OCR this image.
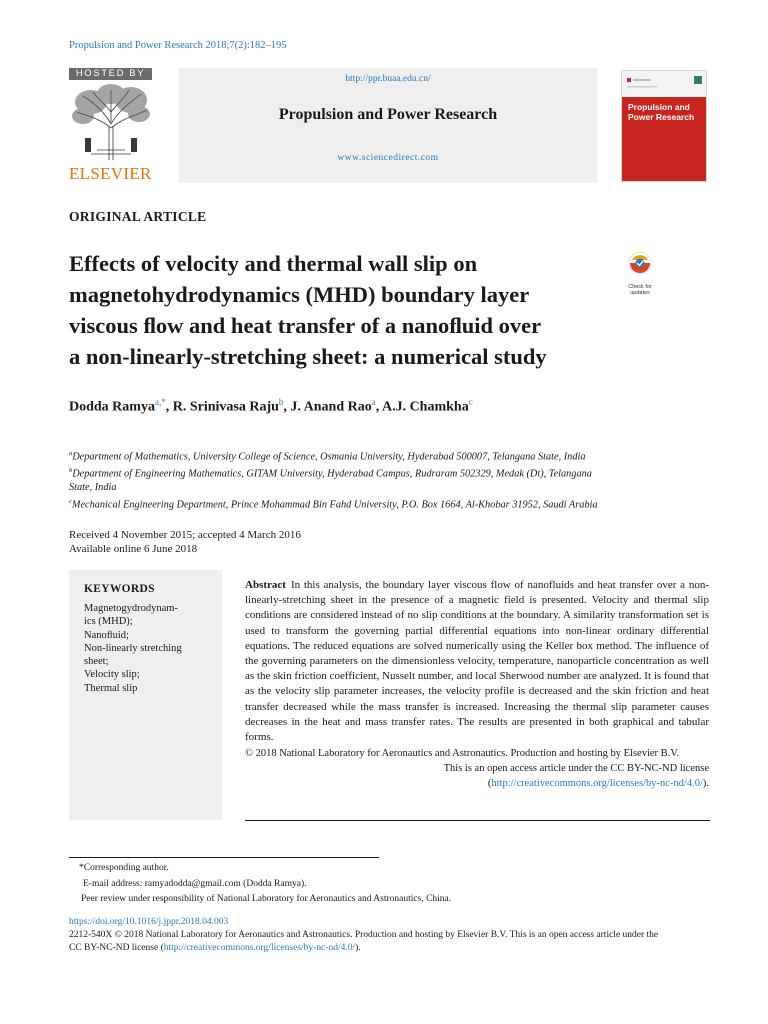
Propulsion and Power Research 2018;7(2):182–195
HOSTED BY
ELSEVIER
http://ppr.buaa.edu.cn/
Propulsion and Power Research
www.sciencedirect.com
Propulsion and Power Research
ORIGINAL ARTICLE
Effects of velocity and thermal wall slip on
magnetohydrodynamics (MHD) boundary layer
viscous ﬂow and heat transfer of a nanoﬂuid over
a non-linearly-stretching sheet: a numerical study
Check for
updates
Dodda Ramya$^{a,*}$, R. Srinivasa Raju$^b$, J. Anand Rao$^a$, A.J. Chamkha$^c$

$^a$Department of Mathematics, University College of Science, Osmania University, Hyderabad 500007, Telangana State, India

$^b$Department of Engineering Mathematics, GITAM University, Hyderabad Campus, Rudraram 502329, Medak (Dt), Telangana
State, India

$^c$Mechanical Engineering Department, Prince Mohammad Bin Fahd University, P.O. Box 1664, Al-Khobar 31952, Saudi Arabia

Received 4 November 2015; accepted 4 March 2016
Available online 6 June 2018
KEYWORDS
Magnetogydrodynam-
ics (MHD);
Nanoﬂuid;
Non-linearly stretching
sheet;
Velocity slip;
Thermal slip
Abstract In this analysis, the boundary layer viscous flow of nanofluids and heat transfer over a non-linearly-stretching sheet in the presence of a magnetic field is presented. Velocity and thermal slip conditions are considered instead of no slip conditions at the boundary. A similarity transformation set is used to transform the governing partial differential equations into non-linear ordinary differential equations. The reduced equations are solved numerically using the Keller box method. The influence of the governing parameters on the dimensionless velocity, temperature, nanoparticle concentration as well as the skin friction coefficient, Nusselt number, and local Sherwood number are analyzed. It is found that as the velocity slip parameter increases, the velocity profile is decreased and the skin friction and heat transfer decreased while the mass transfer is increased. Increasing the thermal slip parameter causes decreases in the heat and mass transfer rates. The results are presented in both graphical and tabular forms.
© 2018 National Laboratory for Aeronautics and Astronautics. Production and hosting by Elsevier B.V.
This is an open access article under the CC BY-NC-ND license
(http://creativecommons.org/licenses/by-nc-nd/4.0/).

*Corresponding author.

E-mail address: ramyadodda@gmail.com (Dodda Ramya).

Peer review under responsibility of National Laboratory for Aeronautics and Astronautics, China.

https://doi.org/10.1016/j.jppr.2018.04.003

2212-540X © 2018 National Laboratory for Aeronautics and Astronautics. Production and hosting by Elsevier B.V. This is an open access article under the

CC BY-NC-ND license (http://creativecommons.org/licenses/by-nc-nd/4.0/).
